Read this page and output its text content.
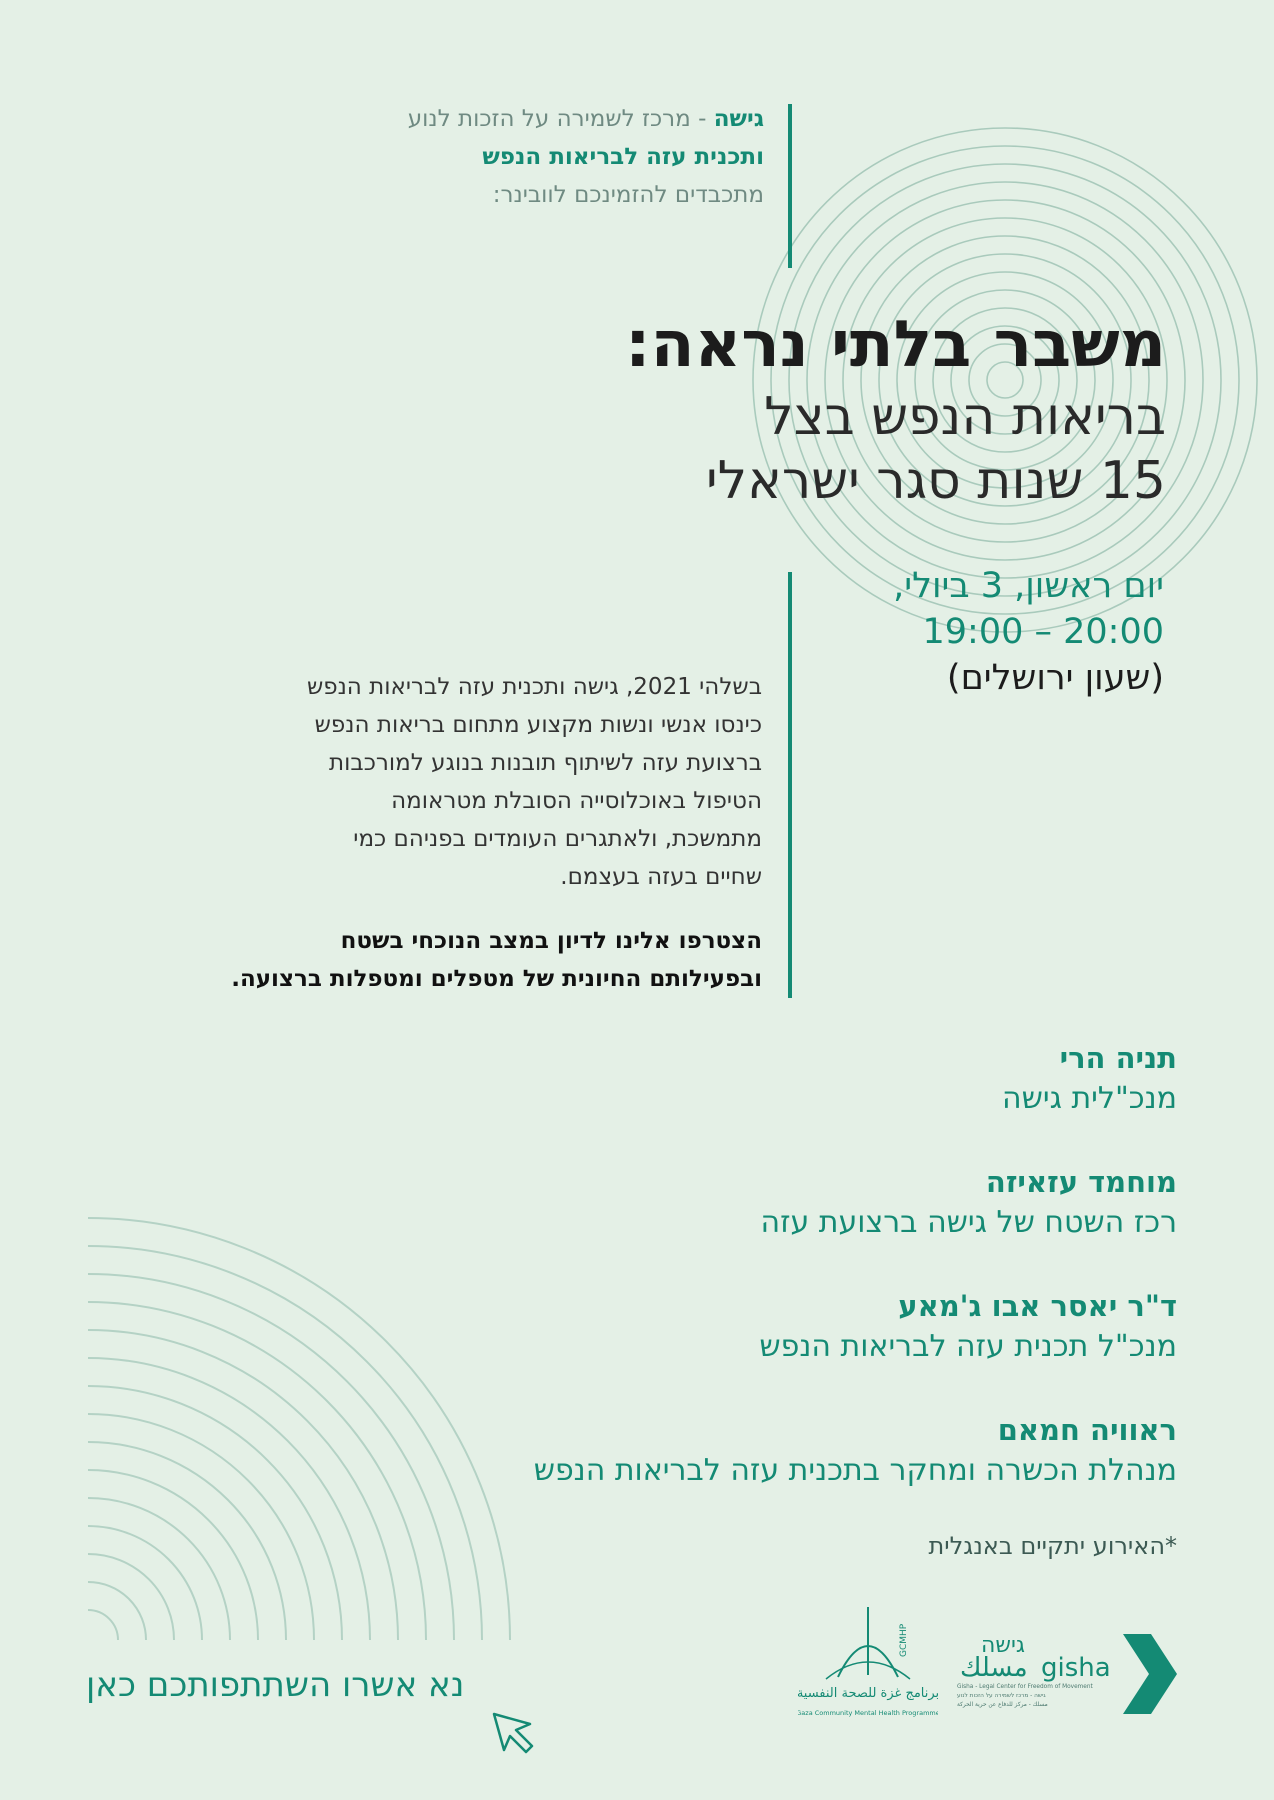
גישה - מרכז לשמירה על הזכות לנוע
ותכנית עזה לבריאות הנפש
מתכבדים להזמינכם לוובינר:
משבר בלתי נראה:
בריאות הנפש בצל
15 שנות סגר ישראלי
יום ראשון, 3 ביולי,
19:00 – 20:00
(שעון ירושלים)
בשלהי 2021, גישה ותכנית עזה לבריאות הנפש
כינסו אנשי ונשות מקצוע מתחום בריאות הנפש
ברצועת עזה לשיתוף תובנות בנוגע למורכבות
הטיפול באוכלוסייה הסובלת מטראומה
מתמשכת, ולאתגרים העומדים בפניהם כמי
שחיים בעזה בעצמם.
הצטרפו אלינו לדיון במצב הנוכחי בשטח
ובפעילותם החיונית של מטפלים ומטפלות ברצועה.
תניה הרי
מנכ"לית גישה
מוחמד עזאיזה
רכז השטח של גישה ברצועת עזה
ד"ר יאסר אבו ג'מאע
מנכ"ל תכנית עזה לבריאות הנפש
ראוויה חמאם
מנהלת הכשרה ומחקר בתכנית עזה לבריאות הנפש
*האירוע יתקיים באנגלית
נא אשרו השתתפותכם כאן
GCMHP
برنامج غزة للصحة النفسية
Gaza Community Mental Health Programme
גישה
مسلك gisha
Gisha - Legal Center for Freedom of Movement
גישה - מרכז לשמירה על הזכות לנוע
مسلك - مركز للدفاع عن حرية الحركة
